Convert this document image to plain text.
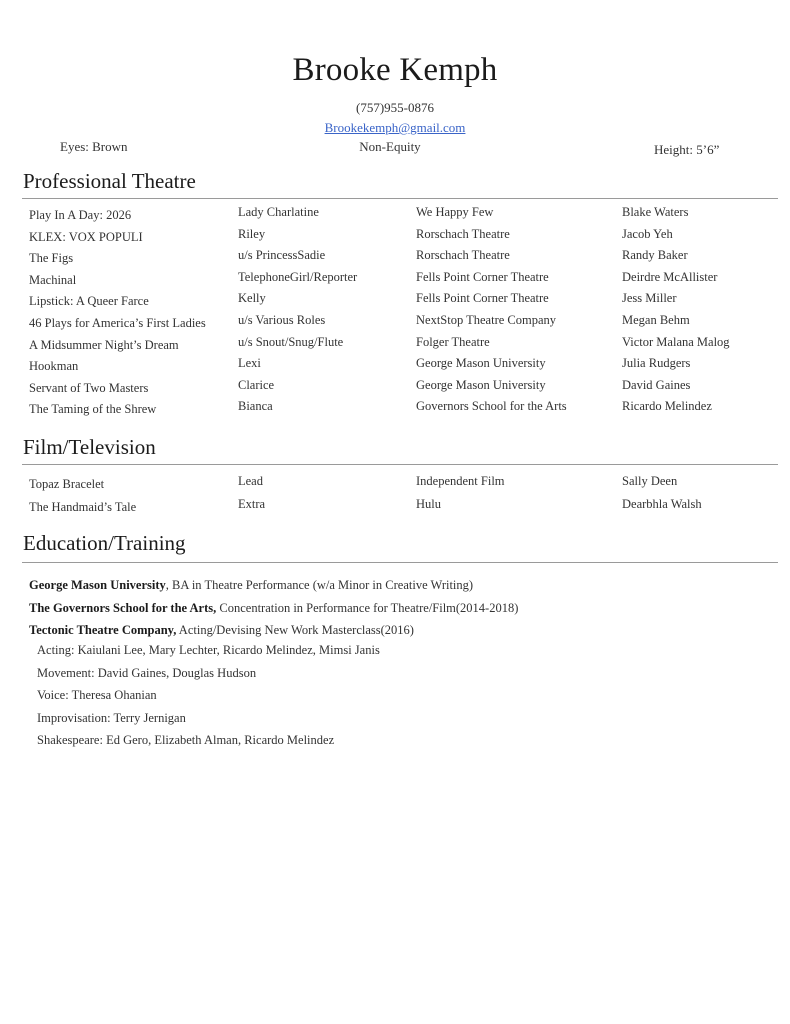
Brooke Kemph
(757)955-0876
Brookekemph@gmail.com
Eyes: Brown	Non-Equity	Height: 5’6”
Professional Theatre
Play In A Day: 2026	Lady Charlatine	We Happy Few	Blake Waters
KLEX: VOX POPULI	Riley	Rorschach Theatre	Jacob Yeh
The Figs	u/s PrincessSadie	Rorschach Theatre	Randy Baker
Machinal	TelephoneGirl/Reporter	Fells Point Corner Theatre	Deirdre McAllister
Lipstick: A Queer Farce	Kelly	Fells Point Corner Theatre	Jess Miller
46 Plays for America’s First Ladies	u/s Various Roles	NextStop Theatre Company	Megan Behm
A Midsummer Night’s Dream	u/s Snout/Snug/Flute	Folger Theatre	Victor Malana Malog
Hookman	Lexi	George Mason University	Julia Rudgers
Servant of Two Masters	Clarice	George Mason University	David Gaines
The Taming of the Shrew	Bianca	Governors School for the Arts	Ricardo Melindez
Film/Television
Topaz Bracelet	Lead	Independent Film	Sally Deen
The Handmaid’s Tale	Extra	Hulu	Dearbhla Walsh
Education/Training
George Mason University, BA in Theatre Performance (w/a Minor in Creative Writing)
The Governors School for the Arts, Concentration in Performance for Theatre/Film(2014-2018)
Tectonic Theatre Company, Acting/Devising New Work Masterclass(2016)
Acting: Kaiulani Lee, Mary Lechter, Ricardo Melindez, Mimsi Janis
Movement: David Gaines, Douglas Hudson
Voice: Theresa Ohanian
Improvisation: Terry Jernigan
Shakespeare: Ed Gero, Elizabeth Alman, Ricardo Melindez
